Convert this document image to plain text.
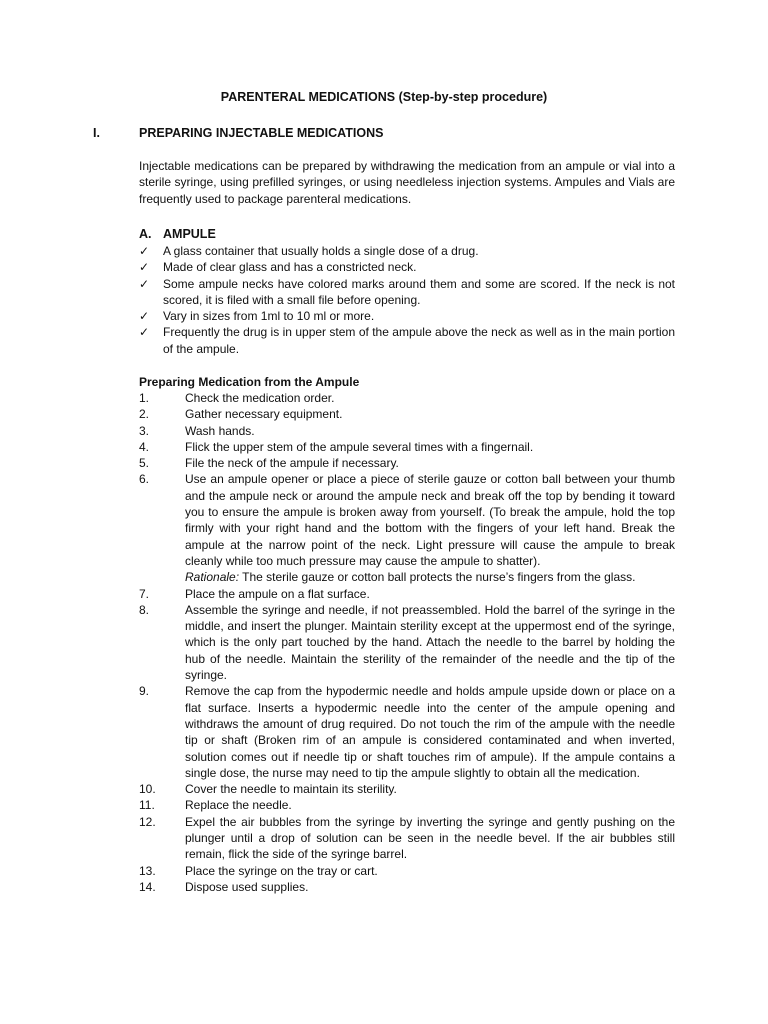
PARENTERAL MEDICATIONS (Step-by-step procedure)
I.	PREPARING INJECTABLE MEDICATIONS
Injectable medications can be prepared by withdrawing the medication from an ampule or vial into a sterile syringe, using prefilled syringes, or using needleless injection systems. Ampules and Vials are frequently used to package parenteral medications.
A. AMPULE
✓ A glass container that usually holds a single dose of a drug.
✓ Made of clear glass and has a constricted neck.
✓ Some ampule necks have colored marks around them and some are scored. If the neck is not scored, it is filed with a small file before opening.
✓ Vary in sizes from 1ml to 10 ml or more.
✓ Frequently the drug is in upper stem of the ampule above the neck as well as in the main portion of the ampule.
Preparing Medication from the Ampule
1.	Check the medication order.
2.	Gather necessary equipment.
3.	Wash hands.
4.	Flick the upper stem of the ampule several times with a fingernail.
5.	File the neck of the ampule if necessary.
6.	Use an ampule opener or place a piece of sterile gauze or cotton ball between your thumb and the ampule neck or around the ampule neck and break off the top by bending it toward you to ensure the ampule is broken away from yourself. (To break the ampule, hold the top firmly with your right hand and the bottom with the fingers of your left hand. Break the ampule at the narrow point of the neck. Light pressure will cause the ampule to break cleanly while too much pressure may cause the ampule to shatter).
Rationale: The sterile gauze or cotton ball protects the nurse’s fingers from the glass.
7.	Place the ampule on a flat surface.
8.	Assemble the syringe and needle, if not preassembled. Hold the barrel of the syringe in the middle, and insert the plunger. Maintain sterility except at the uppermost end of the syringe, which is the only part touched by the hand. Attach the needle to the barrel by holding the hub of the needle. Maintain the sterility of the remainder of the needle and the tip of the syringe.
9.	Remove the cap from the hypodermic needle and holds ampule upside down or place on a flat surface. Inserts a hypodermic needle into the center of the ampule opening and withdraws the amount of drug required. Do not touch the rim of the ampule with the needle tip or shaft (Broken rim of an ampule is considered contaminated and when inverted, solution comes out if needle tip or shaft touches rim of ampule). If the ampule contains a single dose, the nurse may need to tip the ampule slightly to obtain all the medication.
10. Cover the needle to maintain its sterility.
11.	Replace the needle.
12. Expel the air bubbles from the syringe by inverting the syringe and gently pushing on the plunger until a drop of solution can be seen in the needle bevel. If the air bubbles still remain, flick the side of the syringe barrel.
13. Place the syringe on the tray or cart.
14. Dispose used supplies.
